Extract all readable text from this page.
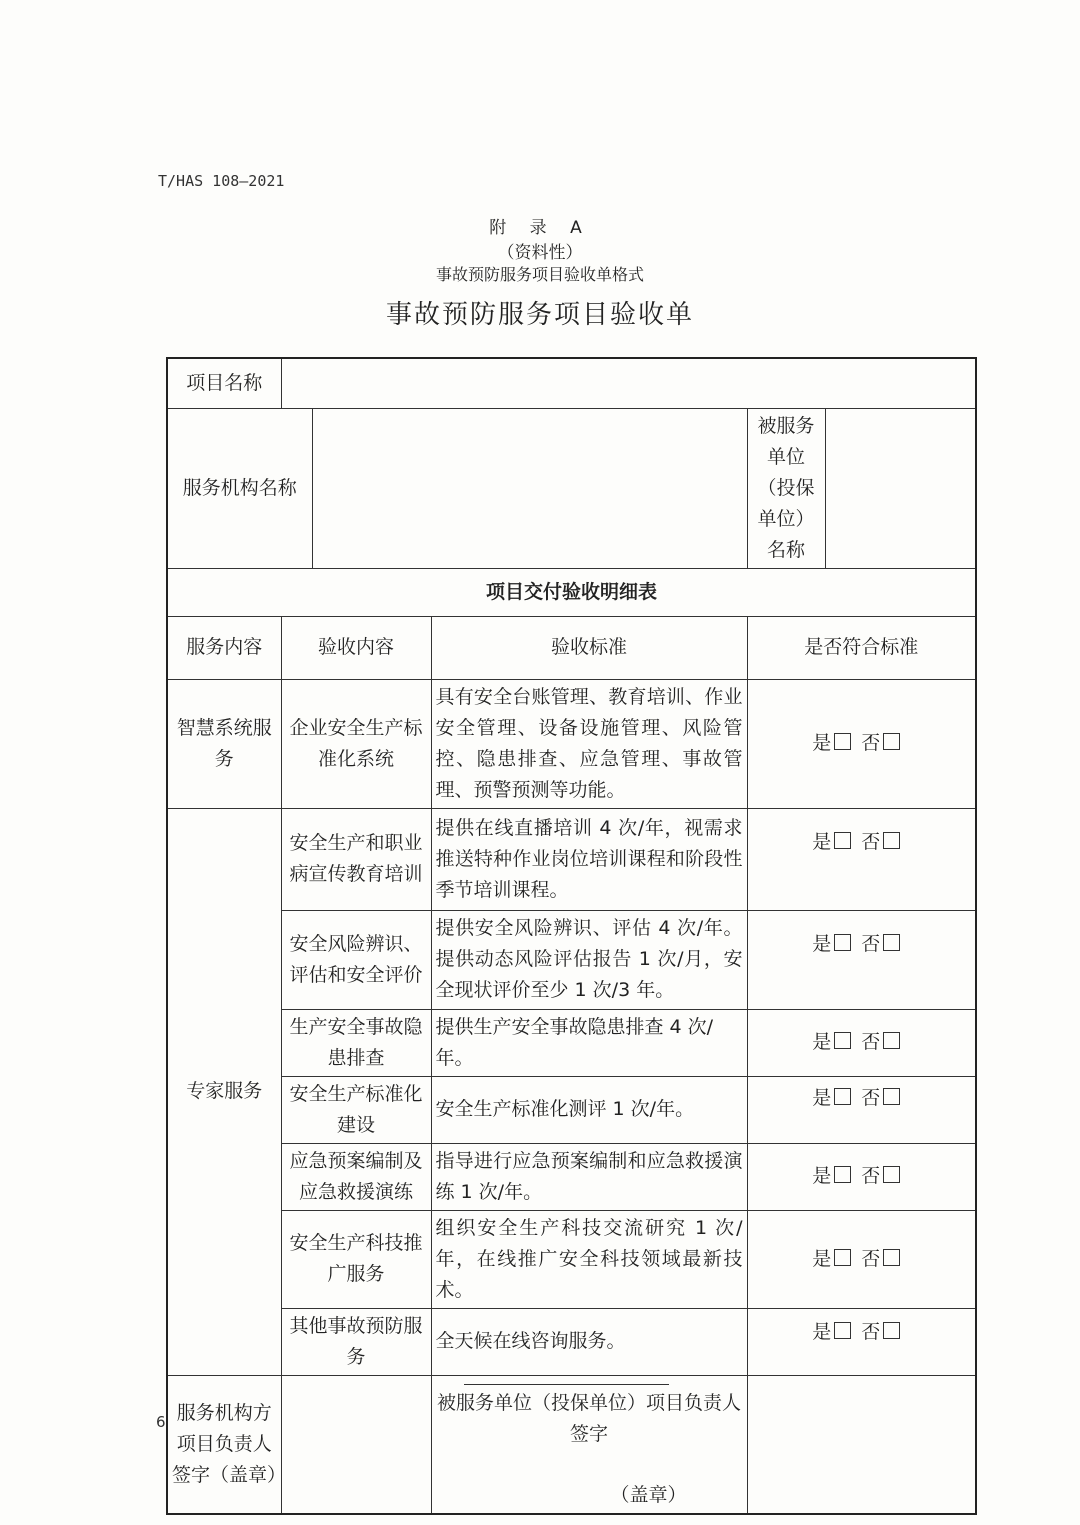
T/HAS 108—2021
附 录 A
（资料性）
事故预防服务项目验收单格式
事故预防服务项目验收单
项目名称					
服务机构名称				被服务单位（投保单位）名称	
项目交付验收明细表					
服务内容	验收内容		验收标准	是否符合标准	
智慧系统服务	企业安全生产标准化系统		具有安全台账管理、教育培训、作业安全管理、设备设施管理、风险管控、隐患排查、应急管理、事故管理、预警预测等功能。	是 否	
专家服务	安全生产和职业病宣传教育培训		提供在线直播培训 4 次/年，视需求推送特种作业岗位培训课程和阶段性季节培训课程。	是 否	
	安全风险辨识、评估和安全评价		提供安全风险辨识、评估 4 次/年。提供动态风险评估报告 1 次/月，安全现状评价至少 1 次/3 年。	是 否	
	生产安全事故隐患排查		提供生产安全事故隐患排查 4 次/年。	是 否	
	安全生产标准化建设		安全生产标准化测评 1 次/年。	是 否	
	应急预案编制及应急救援演练		指导进行应急预案编制和应急救援演练 1 次/年。	是 否	
	安全生产科技推广服务		组织安全生产科技交流研究 1 次/年，在线推广安全科技领域最新技术。	是 否	
	其他事故预防服务		全天候在线咨询服务。	是 否	
服务机构方项目负责人签字（盖章）			被服务单位（投保单位）项目负责人签字
（盖章）		

6
